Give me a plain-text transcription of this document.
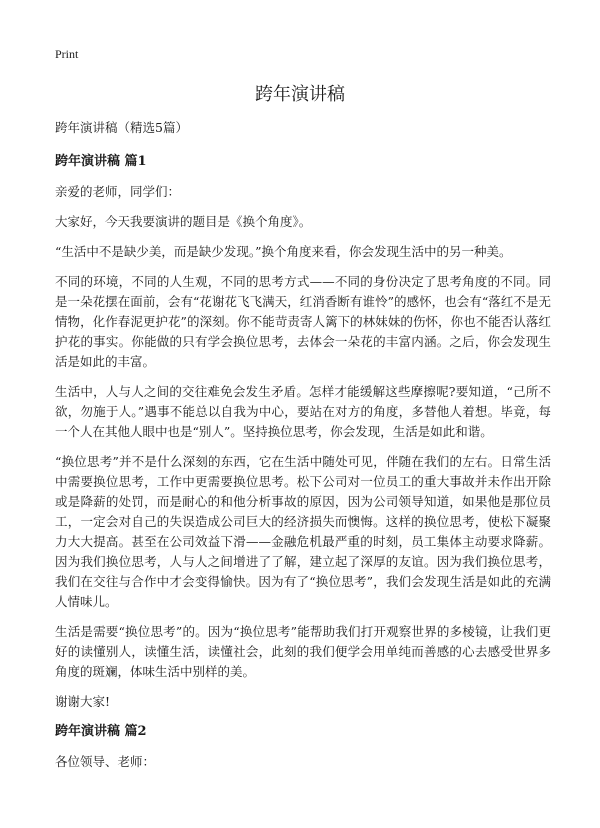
Print
跨年演讲稿

跨年演讲稿（精选5篇）

跨年演讲稿 篇1

亲爱的老师，同学们：

大家好，今天我要演讲的题目是《换个角度》。

“生活中不是缺少美，而是缺少发现。”换个角度来看，你会发现生活中的另一种美。

不同的环境，不同的人生观，不同的思考方式——不同的身份决定了思考角度的不同。同是一朵花摆在面前，会有“花谢花飞飞满天，红消香断有谁怜”的感怀，也会有“落红不是无情物，化作春泥更护花”的深刻。你不能苛责寄人篱下的林妹妹的伤怀，你也不能否认落红护花的事实。你能做的只有学会换位思考，去体会一朵花的丰富内涵。之后，你会发现生活是如此的丰富。

生活中，人与人之间的交往难免会发生矛盾。怎样才能缓解这些摩擦呢?要知道，“己所不欲，勿施于人。”遇事不能总以自我为中心，要站在对方的角度，多替他人着想。毕竟，每一个人在其他人眼中也是“别人”。坚持换位思考，你会发现，生活是如此和谐。

“换位思考”并不是什么深刻的东西，它在生活中随处可见，伴随在我们的左右。日常生活中需要换位思考，工作中更需要换位思考。松下公司对一位员工的重大事故并未作出开除或是降薪的处罚，而是耐心的和他分析事故的原因，因为公司领导知道，如果他是那位员工，一定会对自己的失误造成公司巨大的经济损失而懊悔。这样的换位思考，使松下凝聚力大大提高。甚至在公司效益下滑——金融危机最严重的时刻，员工集体主动要求降薪。因为我们换位思考，人与人之间增进了了解，建立起了深厚的友谊。因为我们换位思考，我们在交往与合作中才会变得愉快。因为有了“换位思考”，我们会发现生活是如此的充满人情味儿。

生活是需要“换位思考”的。因为“换位思考”能帮助我们打开观察世界的多棱镜，让我们更好的读懂别人，读懂生活，读懂社会，此刻的我们便学会用单纯而善感的心去感受世界多角度的斑斓，体味生活中别样的美。

谢谢大家!

跨年演讲稿 篇2

各位领导、老师：
